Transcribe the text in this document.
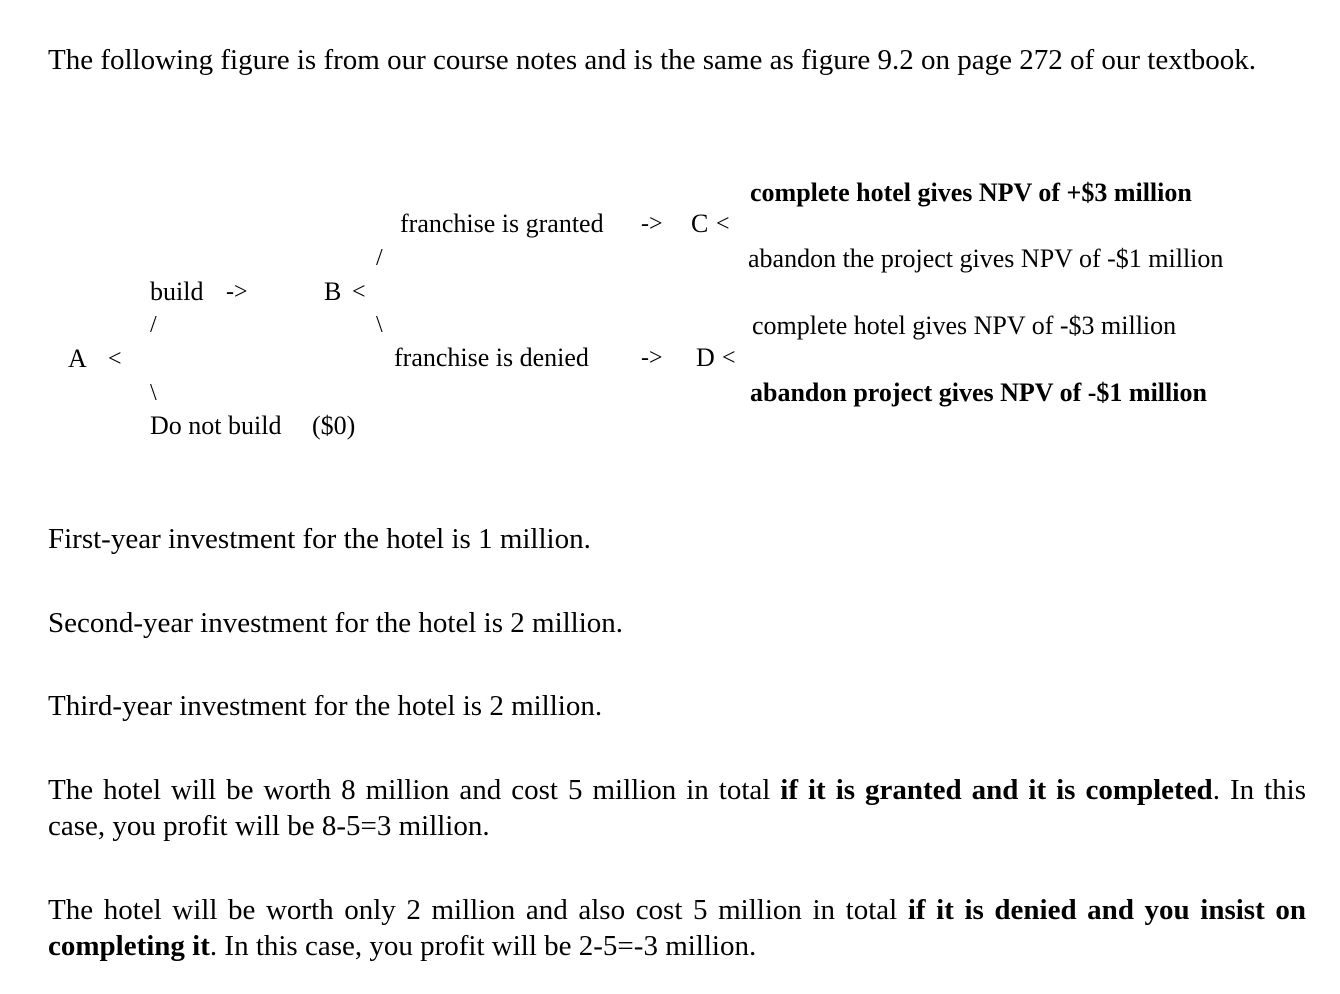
The following figure is from our course notes and is the same as figure 9.2 on page 272 of our textbook.

A <
build ->
/
B <
\
Do not build ($0)
/
franchise is granted -> C <
\
franchise is denied -> D <
complete hotel gives NPV of +$3 million
abandon the project gives NPV of -$1 million
complete hotel gives NPV of -$3 million
abandon project gives NPV of -$1 million

First-year investment for the hotel is 1 million.

Second-year investment for the hotel is 2 million.

Third-year investment for the hotel is 2 million.

The hotel will be worth 8 million and cost 5 million in total if it is granted and it is completed. In this case, you profit will be 8-5=3 million.

The hotel will be worth only 2 million and also cost 5 million in total if it is denied and you insist on completing it. In this case, you profit will be 2-5=-3 million.
